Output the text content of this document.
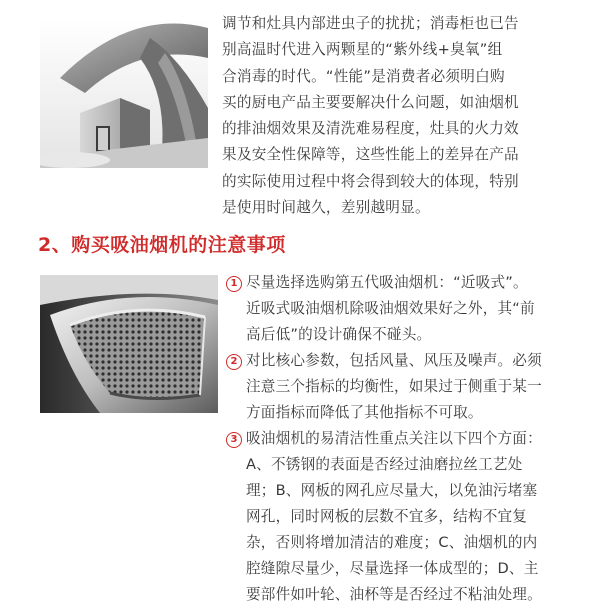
调节和灶具内部进虫子的扰扰；消毒柜也已告
别高温时代进入两颗星的“紫外线+臭氧”组
合消毒的时代。“性能”是消费者必须明白购
买的厨电产品主要要解决什么问题，如油烟机
的排油烟效果及清洗难易程度，灶具的火力效
果及安全性保障等，这些性能上的差异在产品
的实际使用过程中将会得到较大的体现，特别
是使用时间越久，差别越明显。
2、购买吸油烟机的注意事项
1 尽量选择选购第五代吸油烟机：“近吸式”。
近吸式吸油烟机除吸油烟效果好之外，其“前
高后低”的设计确保不碰头。
2 对比核心参数，包括风量、风压及噪声。必须
注意三个指标的均衡性，如果过于侧重于某一
方面指标而降低了其他指标不可取。
3 吸油烟机的易清洁性重点关注以下四个方面：
A、不锈钢的表面是否经过油磨拉丝工艺处
理；B、网板的网孔应尽量大，以免油污堵塞
网孔，同时网板的层数不宜多，结构不宜复
杂，否则将增加清洁的难度；C、油烟机的内
腔缝隙尽量少，尽量选择一体成型的；D、主
要部件如叶轮、油杯等是否经过不粘油处理。
